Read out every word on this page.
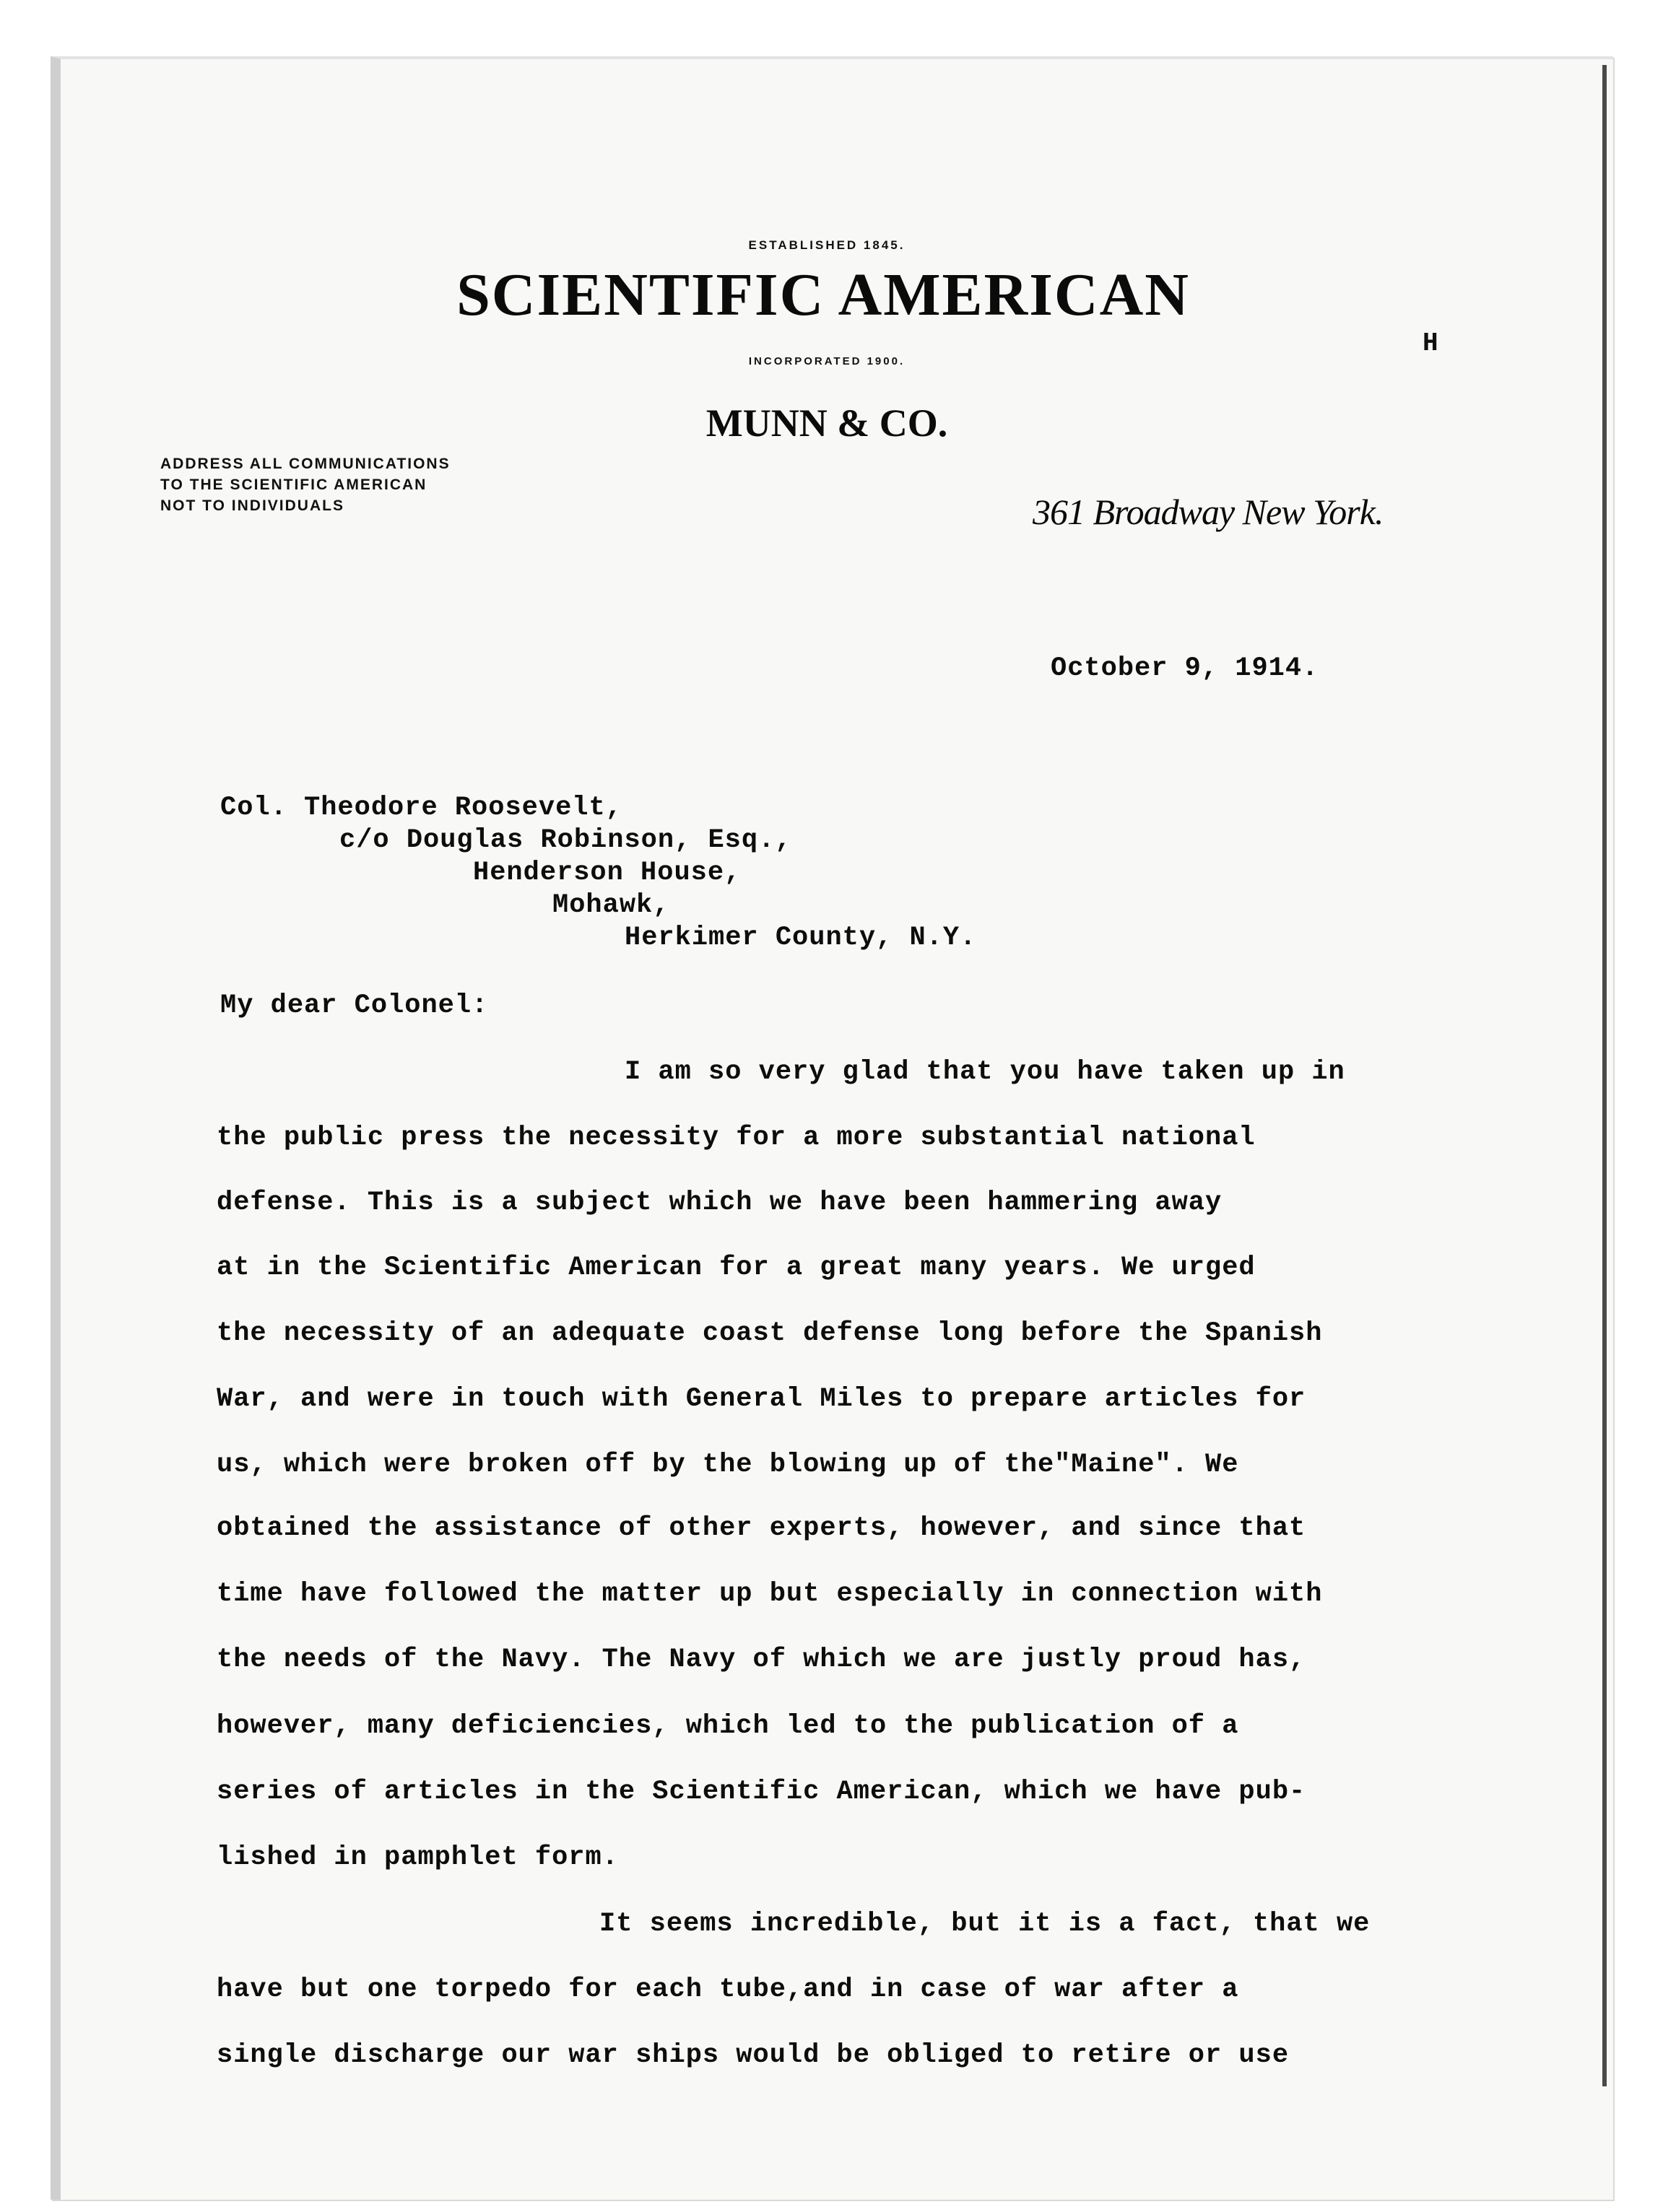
ESTABLISHED 1845.
SCIENTIFIC AMERICAN
INCORPORATED 1900.
MUNN & CO.
H
ADDRESS ALL COMMUNICATIONS
TO THE SCIENTIFIC AMERICAN
NOT TO INDIVIDUALS	361 Broadway New York.
October 9, 1914.
Col. Theodore Roosevelt,
c/o Douglas Robinson, Esq.,
Henderson House,
Mohawk,
Herkimer County, N.Y.
My dear Colonel:
I am so very glad that you have taken up in
the public press the necessity for a more substantial national
defense. This is a subject which we have been hammering away
at in the Scientific American for a great many years. We urged
the necessity of an adequate coast defense long before the Spanish
War, and were in touch with General Miles to prepare articles for
us, which were broken off by the blowing up of the"Maine". We
obtained the assistance of other experts, however, and since that
time have followed the matter up but especially in connection with
the needs of the Navy. The Navy of which we are justly proud has,
however, many deficiencies, which led to the publication of a
series of articles in the Scientific American, which we have pub-
lished in pamphlet form.
It seems incredible, but it is a fact, that we
have but one torpedo for each tube,and in case of war after a
single discharge our war ships would be obliged to retire or use
